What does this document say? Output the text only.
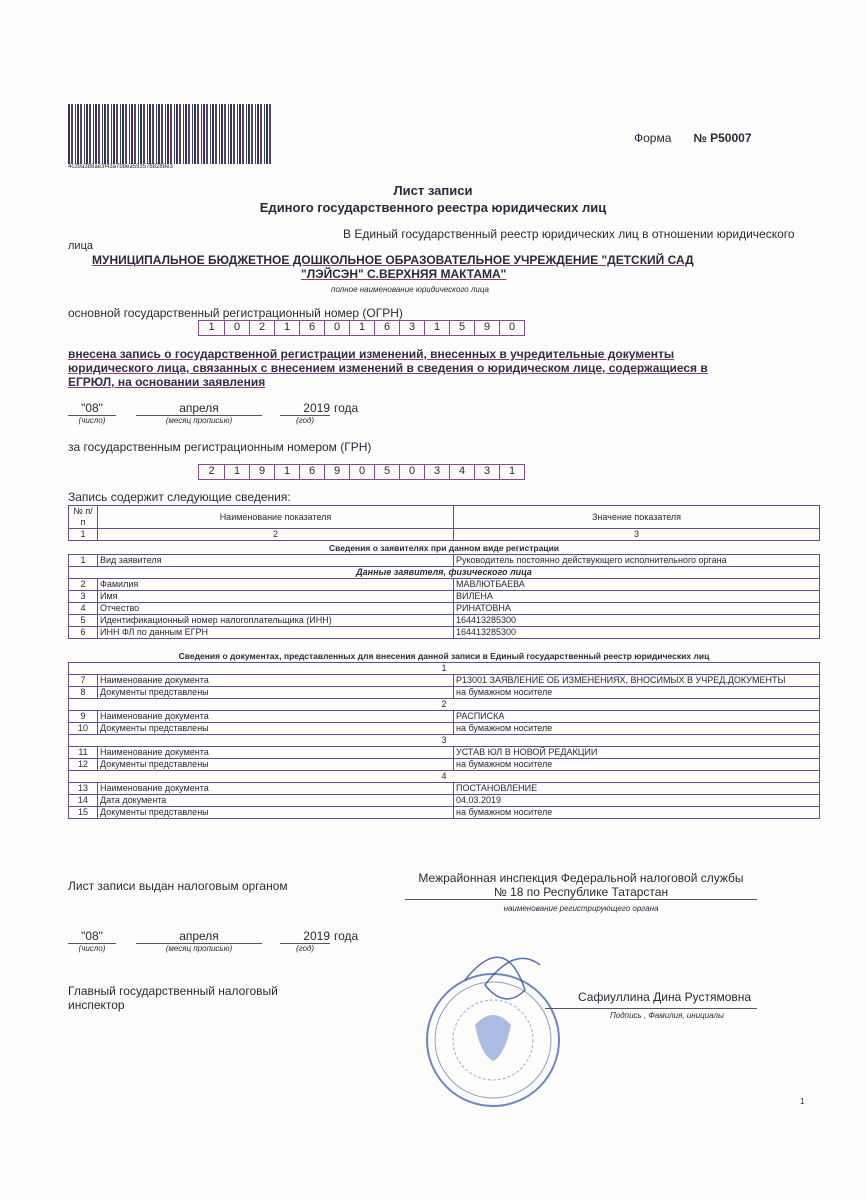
4c39a388ae3f43a7bbea5935788288e3
Форма № Р50007
Лист записи
Единого государственного реестра юридических лиц
В Единый государственный реестр юридических лиц в отношении юридического
лица
МУНИЦИПАЛЬНОЕ БЮДЖЕТНОЕ ДОШКОЛЬНОЕ ОБРАЗОВАТЕЛЬНОЕ УЧРЕЖДЕНИЕ "ДЕТСКИЙ САД
"ЛЭЙСЭН" С.ВЕРХНЯЯ МАКТАМА"
полное наименование юридического лица
основной государственный регистрационный номер (ОГРН)
1	0	2	1	6	0	1	6	3	1	5	9	0
внесена запись о государственной регистрации изменений, внесенных в учредительные документы
юридического лица, связанных с внесением изменений в сведения о юридическом лице, содержащиеся в
ЕГРЮЛ, на основании заявления
"08"	апреля	2019 года
(число)	(месяц прописью)	(год)
за государственным регистрационным номером (ГРН)
2	1	9	1	6	9	0	5	0	3	4	3	1
Запись содержит следующие сведения:
№ п/п	Наименование показателя	Значение показателя
1	2	3
Сведения о заявителях при данном виде регистрации
1	Вид заявителя	Руководитель постоянно действующего исполнительного органа
Данные заявителя, физического лица		
2	Фамилия	МАВЛЮТБАЕВА
3	Имя	ВИЛЕНА
4	Отчество	РИНАТОВНА
5	Идентификационный номер налогоплательщика (ИНН)	164413285300
6	ИНН ФЛ по данным ЕГРН	164413285300
Сведения о документах, представленных для внесения данной записи в Единый государственный реестр юридических лиц
1		
7	Наименование документа	Р13001 ЗАЯВЛЕНИЕ ОБ ИЗМЕНЕНИЯХ, ВНОСИМЫХ В УЧРЕД.ДОКУМЕНТЫ
8	Документы представлены	на бумажном носителе
2		
9	Наименование документа	РАСПИСКА
10	Документы представлены	на бумажном носителе
3		
11	Наименование документа	УСТАВ ЮЛ В НОВОЙ РЕДАКЦИИ
12	Документы представлены	на бумажном носителе
4		
13	Наименование документа	ПОСТАНОВЛЕНИЕ
14	Дата документа	04.03.2019
15	Документы представлены	на бумажном носителе
Лист записи выдан налоговым органом
Межрайонная инспекция Федеральной налоговой службы
№ 18 по Республике Татарстан
наименование регистрирующего органа
"08"	апреля	2019 года
(число)	(месяц прописью)	(год)
Главный государственный налоговый
инспектор
Сафиуллина Дина Рустямовна
Подпись , Фамилия, инициалы
1
